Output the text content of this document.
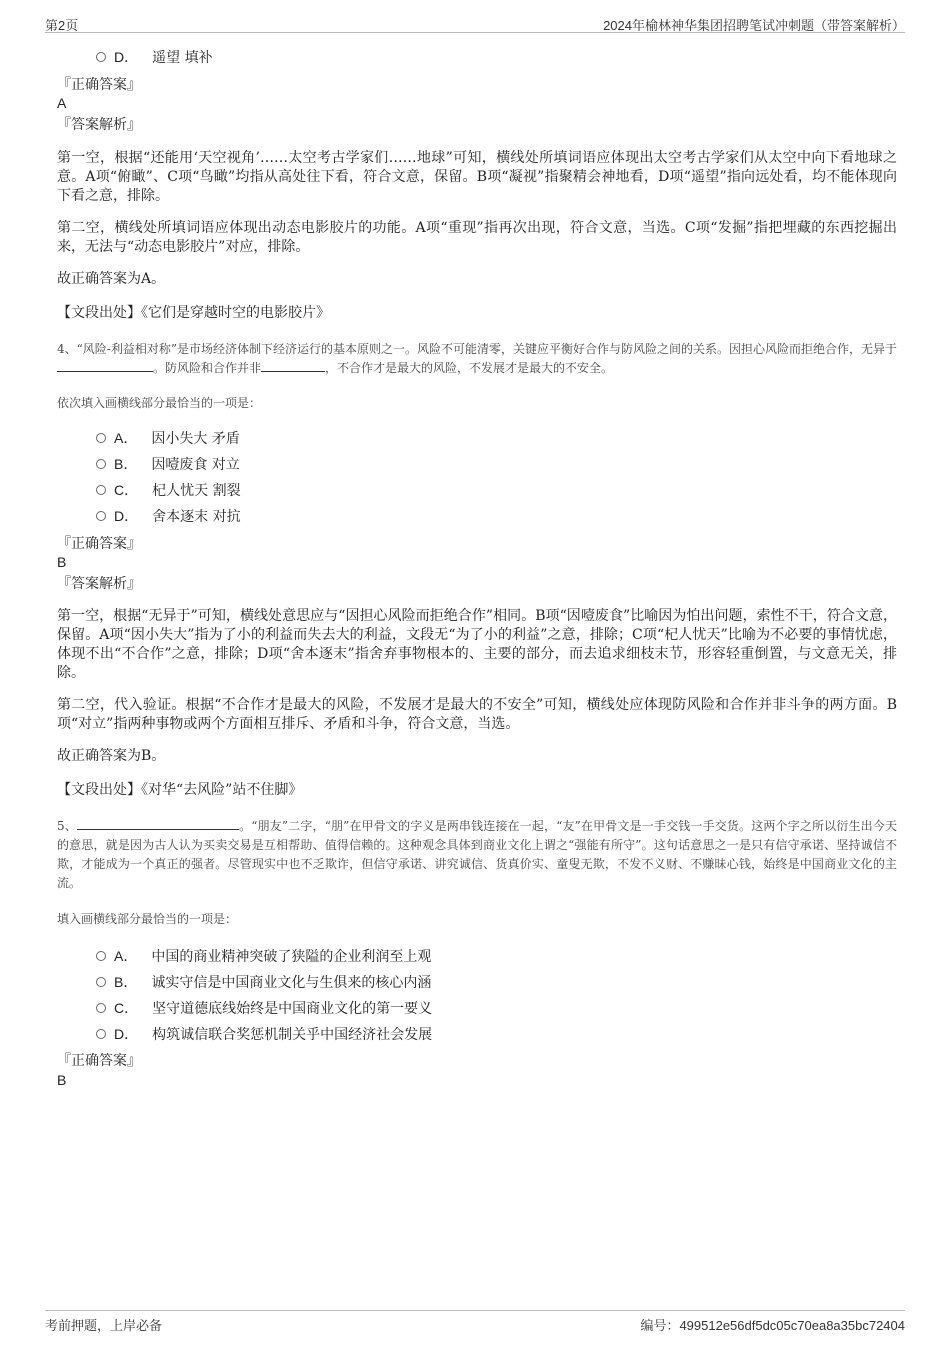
第2页	2024年榆林神华集团招聘笔试冲刺题（带答案解析）
D． 遥望 填补
『正确答案』
A
『答案解析』
第一空，根据“还能用‘天空视角’……太空考古学家们……地球”可知，横线处所填词语应体现出太空考古学家们从太空中向下看地球之意。A项“俯瞰”、C项“鸟瞰”均指从高处往下看，符合文意，保留。B项“凝视”指聚精会神地看，D项“遥望”指向远处看，均不能体现向下看之意，排除。
第二空，横线处所填词语应体现出动态电影胶片的功能。A项“重现”指再次出现，符合文意，当选。C项“发掘”指把埋藏的东西挖掘出来，无法与“动态电影胶片”对应，排除。
故正确答案为A。
【文段出处】《它们是穿越时空的电影胶片》
4、“风险-利益相对称”是市场经济体制下经济运行的基本原则之一。风险不可能清零，关键应平衡好合作与防风险之间的关系。因担心风险而拒绝合作，无异于。防风险和合作并非	，不合作才是最大的风险，不发展才是最大的不安全。
依次填入画横线部分最恰当的一项是：
A． 因小失大 矛盾
B． 因噎废食 对立
C． 杞人忧天 割裂
D． 舍本逐末 对抗
『正确答案』
B
『答案解析』
第一空，根据“无异于”可知，横线处意思应与“因担心风险而拒绝合作”相同。B项“因噎废食”比喻因为怕出问题，索性不干，符合文意，保留。A项“因小失大”指为了小的利益而失去大的利益，文段无“为了小的利益”之意，排除；C项“杞人忧天”比喻为不必要的事情忧虑，体现不出“不合作”之意，排除；D项“舍本逐末”指舍弃事物根本的、主要的部分，而去追求细枝末节，形容轻重倒置，与文意无关，排除。
第二空，代入验证。根据“不合作才是最大的风险，不发展才是最大的不安全”可知，横线处应体现防风险和合作并非斗争的两方面。B项“对立”指两种事物或两个方面相互排斥、矛盾和斗争，符合文意，当选。
故正确答案为B。
【文段出处】《对华“去风险”站不住脚》
5、	。“朋友”二字，“朋”在甲骨文的字义是两串钱连接在一起，“友”在甲骨文是一手交钱一手交货。这两个字之所以衍生出今天的意思，就是因为古人认为买卖交易是互相帮助、值得信赖的。这种观念具体到商业文化上谓之“强能有所守”。这句话意思之一是只有信守承诺、坚持诚信不欺，才能成为一个真正的强者。尽管现实中也不乏欺诈，但信守承诺、讲究诚信、货真价实、童叟无欺，不发不义财、不赚昧心钱，始终是中国商业文化的主流。
填入画横线部分最恰当的一项是：
A． 中国的商业精神突破了狭隘的企业利润至上观
B． 诚实守信是中国商业文化与生俱来的核心内涵
C． 坚守道德底线始终是中国商业文化的第一要义
D． 构筑诚信联合奖惩机制关乎中国经济社会发展
『正确答案』
B
考前押题，上岸必备	编号：499512e56df5dc05c70ea8a35bc72404
